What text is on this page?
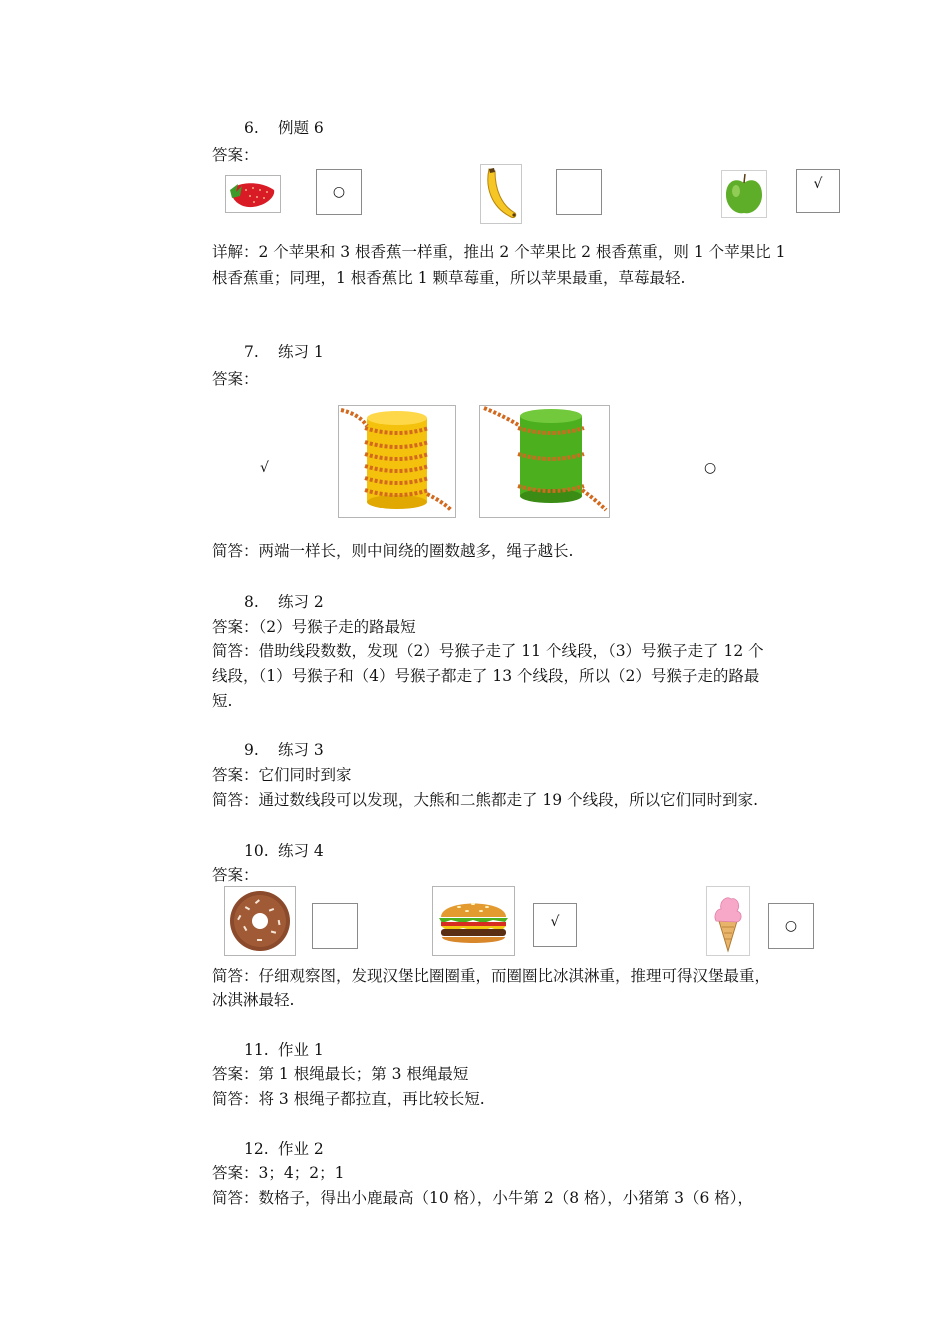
6. 例题 6
答案：
○	√
详解：2 个苹果和 3 根香蕉一样重，推出 2 个苹果比 2 根香蕉重，则 1 个苹果比 1
根香蕉重；同理，1 根香蕉比 1 颗草莓重，所以苹果最重，草莓最轻.
7. 练习 1
答案：
√	○
简答：两端一样长，则中间绕的圈数越多，绳子越长.
8. 练习 2
答案：（2）号猴子走的路最短
简答：借助线段数数，发现（2）号猴子走了 11 个线段，（3）号猴子走了 12 个
线段，（1）号猴子和（4）号猴子都走了 13 个线段，所以（2）号猴子走的路最
短.
9. 练习 3
答案：它们同时到家
简答：通过数线段可以发现，大熊和二熊都走了 19 个线段，所以它们同时到家.
10. 练习 4
答案：
√	○
简答：仔细观察图，发现汉堡比圈圈重，而圈圈比冰淇淋重，推理可得汉堡最重，
冰淇淋最轻.
11. 作业 1
答案：第 1 根绳最长；第 3 根绳最短
简答：将 3 根绳子都拉直，再比较长短.
12. 作业 2
答案：3；4；2；1
简答：数格子，得出小鹿最高（10 格），小牛第 2（8 格），小猪第 3（6 格），
